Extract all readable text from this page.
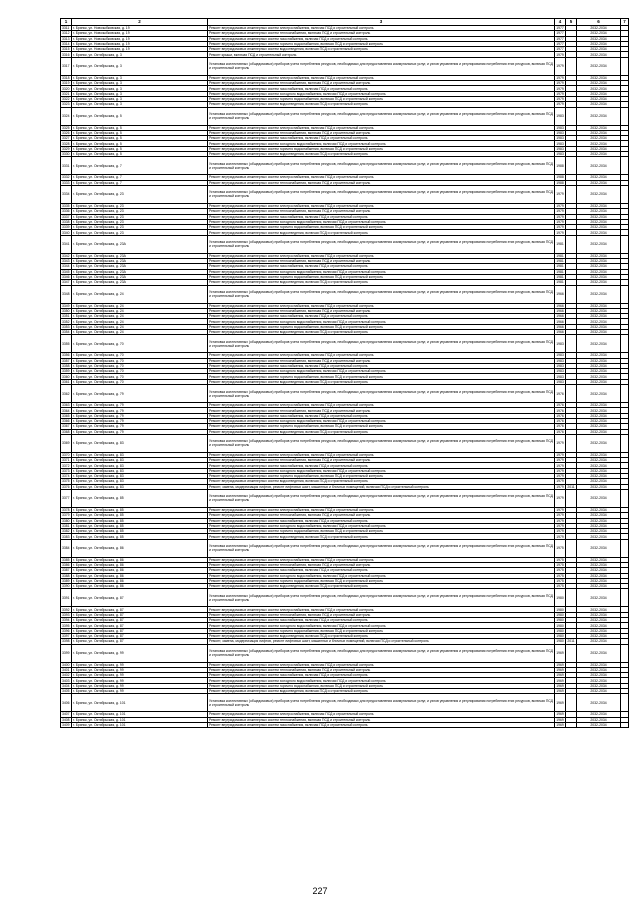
1	2	3	4	5	6	7
3311	г. Брянск, ул. Новозыбковская, д. 19	Ремонт внутридомовых инженерных систем электроснабжения, включая ПСД и строительный контроль	1977		2032-2034	
3312	г. Брянск, ул. Новозыбковская, д. 19	Ремонт внутридомовых инженерных систем теплоснабжения, включая ПСД и строительный контроль	1977		2032-2034	
3313	г. Брянск, ул. Новозыбковская, д. 19	Ремонт внутридомовых инженерных систем газоснабжения, включая ПСД и строительный контроль	1977		2032-2034	
3314	г. Брянск, ул. Новозыбковская, д. 19	Ремонт внутридомовых инженерных систем горячего водоснабжения, включая ПСД и строительный контроль	1977		2032-2034	
3315	г. Брянск, ул. Новозыбковская, д. 19	Ремонт внутридомовых инженерных систем водоотведения, включая ПСД и строительный контроль	1977		2032-2034	
3316	г. Брянск, ул. Октябрьская, д. 3	Ремонт крыши, включая ПСД и строительный контроль	1979		2032-2034	
3317	г. Брянск, ул. Октябрьская, д. 3	Установка коллективных (общедомовых) приборов учета потребления ресурсов, необходимых для предоставления коммунальных услуг, и узлов управления и регулирования потребления этих ресурсов, включая ПСД и строительный контроль	1979		2032-2034	
3318	г. Брянск, ул. Октябрьская, д. 3	Ремонт внутридомовых инженерных систем электроснабжения, включая ПСД и строительный контроль	1979		2032-2034	
3319	г. Брянск, ул. Октябрьская, д. 3	Ремонт внутридомовых инженерных систем теплоснабжения, включая ПСД и строительный контроль	1979		2032-2034	
3320	г. Брянск, ул. Октябрьская, д. 3	Ремонт внутридомовых инженерных систем газоснабжения, включая ПСД и строительный контроль	1979		2032-2034	
3321	г. Брянск, ул. Октябрьская, д. 3	Ремонт внутридомовых инженерных систем холодного водоснабжения, включая ПСД и строительный контроль	1979		2032-2034	
3322	г. Брянск, ул. Октябрьская, д. 3	Ремонт внутридомовых инженерных систем горячего водоснабжения, включая ПСД и строительный контроль	1979		2032-2034	
3323	г. Брянск, ул. Октябрьская, д. 3	Ремонт внутридомовых инженерных систем водоотведения, включая ПСД и строительный контроль	1979		2032-2034	
3324	г. Брянск, ул. Октябрьская, д. 5	Установка коллективных (общедомовых) приборов учета потребления ресурсов, необходимых для предоставления коммунальных услуг, и узлов управления и регулирования потребления этих ресурсов, включая ПСД и строительный контроль	1983		2032-2034	
3325	г. Брянск, ул. Октябрьская, д. 5	Ремонт внутридомовых инженерных систем электроснабжения, включая ПСД и строительный контроль	1983		2032-2034	
3326	г. Брянск, ул. Октябрьская, д. 5	Ремонт внутридомовых инженерных систем теплоснабжения, включая ПСД и строительный контроль	1983		2032-2034	
3327	г. Брянск, ул. Октябрьская, д. 5	Ремонт внутридомовых инженерных систем газоснабжения, включая ПСД и строительный контроль	1983		2032-2034	
3328	г. Брянск, ул. Октябрьская, д. 5	Ремонт внутридомовых инженерных систем холодного водоснабжения, включая ПСД и строительный контроль	1983		2032-2034	
3329	г. Брянск, ул. Октябрьская, д. 5	Ремонт внутридомовых инженерных систем горячего водоснабжения, включая ПСД и строительный контроль	1983		2032-2034	
3330	г. Брянск, ул. Октябрьская, д. 5	Ремонт внутридомовых инженерных систем водоотведения, включая ПСД и строительный контроль	1983		2032-2034	
3331	г. Брянск, ул. Октябрьская, д. 7	Установка коллективных (общедомовых) приборов учета потребления ресурсов, необходимых для предоставления коммунальных услуг, и узлов управления и регулирования потребления этих ресурсов, включая ПСД и строительный контроль	1988		2032-2034	
3332	г. Брянск, ул. Октябрьская, д. 7	Ремонт внутридомовых инженерных систем электроснабжения, включая ПСД и строительный контроль	1988		2032-2034	
3333	г. Брянск, ул. Октябрьская, д. 7	Ремонт внутридомовых инженерных систем теплоснабжения, включая ПСД и строительный контроль	1988		2032-2034	
3334	г. Брянск, ул. Октябрьская, д. 23	Установка коллективных (общедомовых) приборов учета потребления ресурсов, необходимых для предоставления коммунальных услуг, и узлов управления и регулирования потребления этих ресурсов, включая ПСД и строительный контроль	1979		2032-2034	
3335	г. Брянск, ул. Октябрьская, д. 23	Ремонт внутридомовых инженерных систем электроснабжения, включая ПСД и строительный контроль	1979		2032-2034	
3336	г. Брянск, ул. Октябрьская, д. 23	Ремонт внутридомовых инженерных систем теплоснабжения, включая ПСД и строительный контроль	1979		2032-2034	
3337	г. Брянск, ул. Октябрьская, д. 23	Ремонт внутридомовых инженерных систем газоснабжения, включая ПСД и строительный контроль	1979		2032-2034	
3338	г. Брянск, ул. Октябрьская, д. 23	Ремонт внутридомовых инженерных систем холодного водоснабжения, включая ПСД и строительный контроль	1979		2032-2034	
3339	г. Брянск, ул. Октябрьская, д. 23	Ремонт внутридомовых инженерных систем горячего водоснабжения, включая ПСД и строительный контроль	1979		2032-2034	
3340	г. Брянск, ул. Октябрьская, д. 23	Ремонт внутридомовых инженерных систем водоотведения, включая ПСД и строительный контроль	1979		2032-2034	
3341	г. Брянск, ул. Октябрьская, д. 23А	Установка коллективных (общедомовых) приборов учета потребления ресурсов, необходимых для предоставления коммунальных услуг, и узлов управления и регулирования потребления этих ресурсов, включая ПСД и строительный контроль	1981		2032-2034	
3342	г. Брянск, ул. Октябрьская, д. 23А	Ремонт внутридомовых инженерных систем электроснабжения, включая ПСД и строительный контроль	1981		2032-2034	
3343	г. Брянск, ул. Октябрьская, д. 23А	Ремонт внутридомовых инженерных систем теплоснабжения, включая ПСД и строительный контроль	1981		2032-2034	
3344	г. Брянск, ул. Октябрьская, д. 23А	Ремонт внутридомовых инженерных систем газоснабжения, включая ПСД и строительный контроль	1981		2032-2034	
3345	г. Брянск, ул. Октябрьская, д. 23А	Ремонт внутридомовых инженерных систем холодного водоснабжения, включая ПСД и строительный контроль	1981		2032-2034	
3346	г. Брянск, ул. Октябрьская, д. 23А	Ремонт внутридомовых инженерных систем горячего водоснабжения, включая ПСД и строительный контроль	1981		2032-2034	
3347	г. Брянск, ул. Октябрьская, д. 23А	Ремонт внутридомовых инженерных систем водоотведения, включая ПСД и строительный контроль	1981		2032-2034	
3348	г. Брянск, ул. Октябрьская, д. 24	Установка коллективных (общедомовых) приборов учета потребления ресурсов, необходимых для предоставления коммунальных услуг, и узлов управления и регулирования потребления этих ресурсов, включая ПСД и строительный контроль	1966		2032-2034	
3349	г. Брянск, ул. Октябрьская, д. 24	Ремонт внутридомовых инженерных систем электроснабжения, включая ПСД и строительный контроль	1966		2032-2034	
3350	г. Брянск, ул. Октябрьская, д. 24	Ремонт внутридомовых инженерных систем теплоснабжения, включая ПСД и строительный контроль	1966		2032-2034	
3351	г. Брянск, ул. Октябрьская, д. 24	Ремонт внутридомовых инженерных систем газоснабжения, включая ПСД и строительный контроль	1966		2032-2034	
3352	г. Брянск, ул. Октябрьская, д. 24	Ремонт внутридомовых инженерных систем холодного водоснабжения, включая ПСД и строительный контроль	1966		2032-2034	
3353	г. Брянск, ул. Октябрьская, д. 24	Ремонт внутридомовых инженерных систем горячего водоснабжения, включая ПСД и строительный контроль	1966		2032-2034	
3354	г. Брянск, ул. Октябрьская, д. 24	Ремонт внутридомовых инженерных систем водоотведения, включая ПСД и строительный контроль	1966		2032-2034	
3355	г. Брянск, ул. Октябрьская, д. 70	Установка коллективных (общедомовых) приборов учета потребления ресурсов, необходимых для предоставления коммунальных услуг, и узлов управления и регулирования потребления этих ресурсов, включая ПСД и строительный контроль	1983		2032-2034	
3356	г. Брянск, ул. Октябрьская, д. 70	Ремонт внутридомовых инженерных систем электроснабжения, включая ПСД и строительный контроль	1983		2032-2034	
3357	г. Брянск, ул. Октябрьская, д. 70	Ремонт внутридомовых инженерных систем теплоснабжения, включая ПСД и строительный контроль	1983		2032-2034	
3358	г. Брянск, ул. Октябрьская, д. 70	Ремонт внутридомовых инженерных систем газоснабжения, включая ПСД и строительный контроль	1983		2032-2034	
3359	г. Брянск, ул. Октябрьская, д. 70	Ремонт внутридомовых инженерных систем холодного водоснабжения, включая ПСД и строительный контроль	1983		2032-2034	
3360	г. Брянск, ул. Октябрьская, д. 70	Ремонт внутридомовых инженерных систем горячего водоснабжения, включая ПСД и строительный контроль	1983		2032-2034	
3361	г. Брянск, ул. Октябрьская, д. 70	Ремонт внутридомовых инженерных систем водоотведения, включая ПСД и строительный контроль	1983		2032-2034	
3362	г. Брянск, ул. Октябрьская, д. 79	Установка коллективных (общедомовых) приборов учета потребления ресурсов, необходимых для предоставления коммунальных услуг, и узлов управления и регулирования потребления этих ресурсов, включая ПСД и строительный контроль	1976		2032-2034	
3363	г. Брянск, ул. Октябрьская, д. 79	Ремонт внутридомовых инженерных систем электроснабжения, включая ПСД и строительный контроль	1976		2032-2034	
3364	г. Брянск, ул. Октябрьская, д. 79	Ремонт внутридомовых инженерных систем теплоснабжения, включая ПСД и строительный контроль	1976		2032-2034	
3365	г. Брянск, ул. Октябрьская, д. 79	Ремонт внутридомовых инженерных систем газоснабжения, включая ПСД и строительный контроль	1976		2032-2034	
3366	г. Брянск, ул. Октябрьская, д. 79	Ремонт внутридомовых инженерных систем холодного водоснабжения, включая ПСД и строительный контроль	1976		2032-2034	
3367	г. Брянск, ул. Октябрьская, д. 79	Ремонт внутридомовых инженерных систем горячего водоснабжения, включая ПСД и строительный контроль	1976		2032-2034	
3368	г. Брянск, ул. Октябрьская, д. 79	Ремонт внутридомовых инженерных систем водоотведения, включая ПСД и строительный контроль	1976		2032-2034	
3369	г. Брянск, ул. Октябрьская, д. 83	Установка коллективных (общедомовых) приборов учета потребления ресурсов, необходимых для предоставления коммунальных услуг, и узлов управления и регулирования потребления этих ресурсов, включая ПСД и строительный контроль	1979		2032-2034	
3370	г. Брянск, ул. Октябрьская, д. 83	Ремонт внутридомовых инженерных систем электроснабжения, включая ПСД и строительный контроль	1979		2032-2034	
3371	г. Брянск, ул. Октябрьская, д. 83	Ремонт внутридомовых инженерных систем теплоснабжения, включая ПСД и строительный контроль	1979		2032-2034	
3372	г. Брянск, ул. Октябрьская, д. 83	Ремонт внутридомовых инженерных систем газоснабжения, включая ПСД и строительный контроль	1979		2032-2034	
3373	г. Брянск, ул. Октябрьская, д. 83	Ремонт внутридомовых инженерных систем холодного водоснабжения, включая ПСД и строительный контроль	1979		2032-2034	
3374	г. Брянск, ул. Октябрьская, д. 83	Ремонт внутридомовых инженерных систем горячего водоснабжения, включая ПСД и строительный контроль	1979		2032-2034	
3375	г. Брянск, ул. Октябрьская, д. 83	Ремонт внутридомовых инженерных систем водоотведения, включая ПСД и строительный контроль	1979		2032-2034	
3376	г. Брянск, ул. Октябрьская, д. 83	Ремонт, замена, модернизация лифтов, ремонт лифтовых шахт, машинных и блочных помещений, включая ПСД и строительный контроль	1979	2011	2032-2034	
3377	г. Брянск, ул. Октябрьская, д. 85	Установка коллективных (общедомовых) приборов учета потребления ресурсов, необходимых для предоставления коммунальных услуг, и узлов управления и регулирования потребления этих ресурсов, включая ПСД и строительный контроль	1979		2032-2034	
3378	г. Брянск, ул. Октябрьская, д. 85	Ремонт внутридомовых инженерных систем электроснабжения, включая ПСД и строительный контроль	1979		2032-2034	
3379	г. Брянск, ул. Октябрьская, д. 85	Ремонт внутридомовых инженерных систем теплоснабжения, включая ПСД и строительный контроль	1979		2032-2034	
3380	г. Брянск, ул. Октябрьская, д. 85	Ремонт внутридомовых инженерных систем газоснабжения, включая ПСД и строительный контроль	1979		2032-2034	
3381	г. Брянск, ул. Октябрьская, д. 85	Ремонт внутридомовых инженерных систем холодного водоснабжения, включая ПСД и строительный контроль	1979		2032-2034	
3382	г. Брянск, ул. Октябрьская, д. 85	Ремонт внутридомовых инженерных систем горячего водоснабжения, включая ПСД и строительный контроль	1979		2032-2034	
3383	г. Брянск, ул. Октябрьская, д. 85	Ремонт внутридомовых инженерных систем водоотведения, включая ПСД и строительный контроль	1979		2032-2034	
3384	г. Брянск, ул. Октябрьская, д. 86	Установка коллективных (общедомовых) приборов учета потребления ресурсов, необходимых для предоставления коммунальных услуг, и узлов управления и регулирования потребления этих ресурсов, включая ПСД и строительный контроль	1975		2032-2034	
3385	г. Брянск, ул. Октябрьская, д. 86	Ремонт внутридомовых инженерных систем электроснабжения, включая ПСД и строительный контроль	1975		2032-2034	
3386	г. Брянск, ул. Октябрьская, д. 86	Ремонт внутридомовых инженерных систем теплоснабжения, включая ПСД и строительный контроль	1975		2032-2034	
3387	г. Брянск, ул. Октябрьская, д. 86	Ремонт внутридомовых инженерных систем газоснабжения, включая ПСД и строительный контроль	1975		2032-2034	
3388	г. Брянск, ул. Октябрьская, д. 86	Ремонт внутридомовых инженерных систем холодного водоснабжения, включая ПСД и строительный контроль	1975		2032-2034	
3389	г. Брянск, ул. Октябрьская, д. 86	Ремонт внутридомовых инженерных систем горячего водоснабжения, включая ПСД и строительный контроль	1975		2032-2034	
3390	г. Брянск, ул. Октябрьская, д. 86	Ремонт внутридомовых инженерных систем водоотведения, включая ПСД и строительный контроль	1975		2032-2034	
3391	г. Брянск, ул. Октябрьская, д. 87	Установка коллективных (общедомовых) приборов учета потребления ресурсов, необходимых для предоставления коммунальных услуг, и узлов управления и регулирования потребления этих ресурсов, включая ПСД и строительный контроль	1980		2032-2034	
3392	г. Брянск, ул. Октябрьская, д. 87	Ремонт внутридомовых инженерных систем электроснабжения, включая ПСД и строительный контроль	1980		2032-2034	
3393	г. Брянск, ул. Октябрьская, д. 87	Ремонт внутридомовых инженерных систем теплоснабжения, включая ПСД и строительный контроль	1980		2032-2034	
3394	г. Брянск, ул. Октябрьская, д. 87	Ремонт внутридомовых инженерных систем газоснабжения, включая ПСД и строительный контроль	1980		2032-2034	
3395	г. Брянск, ул. Октябрьская, д. 87	Ремонт внутридомовых инженерных систем холодного водоснабжения, включая ПСД и строительный контроль	1980		2032-2034	
3396	г. Брянск, ул. Октябрьская, д. 87	Ремонт внутридомовых инженерных систем горячего водоснабжения, включая ПСД и строительный контроль	1980		2032-2034	
3397	г. Брянск, ул. Октябрьская, д. 87	Ремонт внутридомовых инженерных систем водоотведения, включая ПСД и строительный контроль	1980		2032-2034	
3398	г. Брянск, ул. Октябрьская, д. 87	Ремонт, замена, модернизация лифтов, ремонт лифтовых шахт, машинных и блочных помещений, включая ПСД и строительный контроль	1980	2011	2032-2034	
3399	г. Брянск, ул. Октябрьская, д. 99	Установка коллективных (общедомовых) приборов учета потребления ресурсов, необходимых для предоставления коммунальных услуг, и узлов управления и регулирования потребления этих ресурсов, включая ПСД и строительный контроль	1969		2032-2034	
3400	г. Брянск, ул. Октябрьская, д. 99	Ремонт внутридомовых инженерных систем электроснабжения, включая ПСД и строительный контроль	1969		2032-2034	
3401	г. Брянск, ул. Октябрьская, д. 99	Ремонт внутридомовых инженерных систем теплоснабжения, включая ПСД и строительный контроль	1969		2032-2034	
3402	г. Брянск, ул. Октябрьская, д. 99	Ремонт внутридомовых инженерных систем газоснабжения, включая ПСД и строительный контроль	1969		2032-2034	
3403	г. Брянск, ул. Октябрьская, д. 99	Ремонт внутридомовых инженерных систем холодного водоснабжения, включая ПСД и строительный контроль	1969		2032-2034	
3404	г. Брянск, ул. Октябрьская, д. 99	Ремонт внутридомовых инженерных систем горячего водоснабжения, включая ПСД и строительный контроль	1969		2032-2034	
3405	г. Брянск, ул. Октябрьская, д. 99	Ремонт внутридомовых инженерных систем водоотведения, включая ПСД и строительный контроль	1969		2032-2034	
3406	г. Брянск, ул. Октябрьская, д. 101	Установка коллективных (общедомовых) приборов учета потребления ресурсов, необходимых для предоставления коммунальных услуг, и узлов управления и регулирования потребления этих ресурсов, включая ПСД и строительный контроль	1969		2032-2034	
3407	г. Брянск, ул. Октябрьская, д. 101	Ремонт внутридомовых инженерных систем электроснабжения, включая ПСД и строительный контроль	1969		2032-2034	
3408	г. Брянск, ул. Октябрьская, д. 101	Ремонт внутридомовых инженерных систем теплоснабжения, включая ПСД и строительный контроль	1969		2032-2034	
3409	г. Брянск, ул. Октябрьская, д. 101	Ремонт внутридомовых инженерных систем газоснабжения, включая ПСД и строительный контроль	1969		2032-2034	
227
